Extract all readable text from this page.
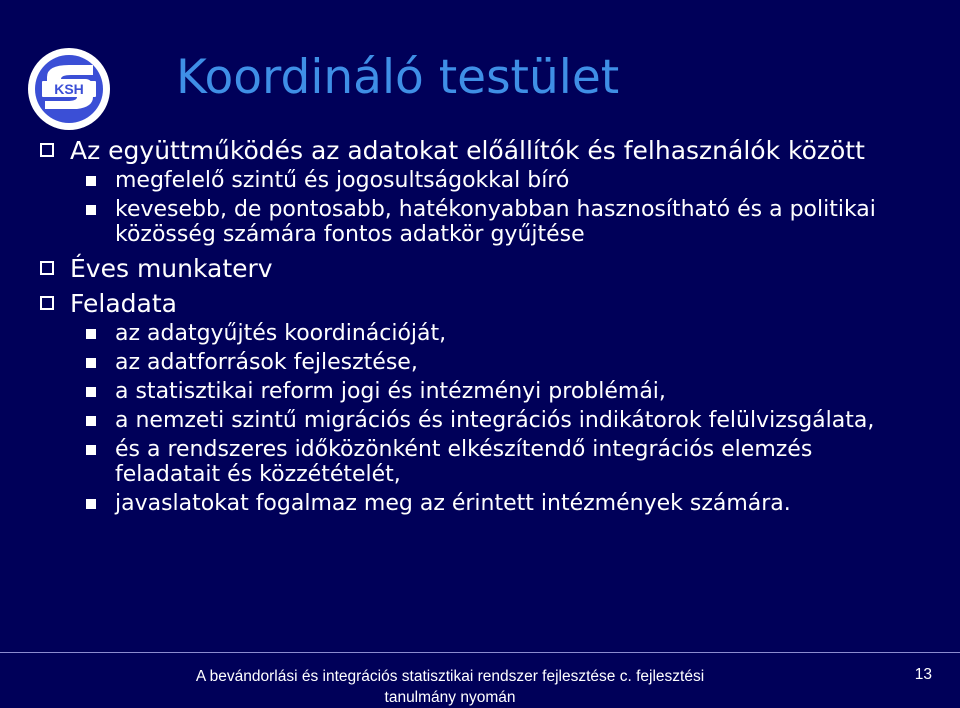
KSH Koordináló testület
Az együttműködés az adatokat előállítók és felhasználók között
megfelelő szintű és jogosultságokkal bíró
kevesebb, de pontosabb, hatékonyabban hasznosítható és a politikai közösség számára fontos adatkör gyűjtése
Éves munkaterv
Feladata
az adatgyűjtés koordinációját,
az adatforrások fejlesztése,
a statisztikai reform jogi és intézményi problémái,
a nemzeti szintű migrációs és integrációs indikátorok felülvizsgálata,
és a rendszeres időközönként elkészítendő integrációs elemzés feladatait és közzétételét,
javaslatokat fogalmaz meg az érintett intézmények számára.
A bevándorlási és integrációs statisztikai rendszer fejlesztése c. fejlesztési tanulmány nyomán
13
